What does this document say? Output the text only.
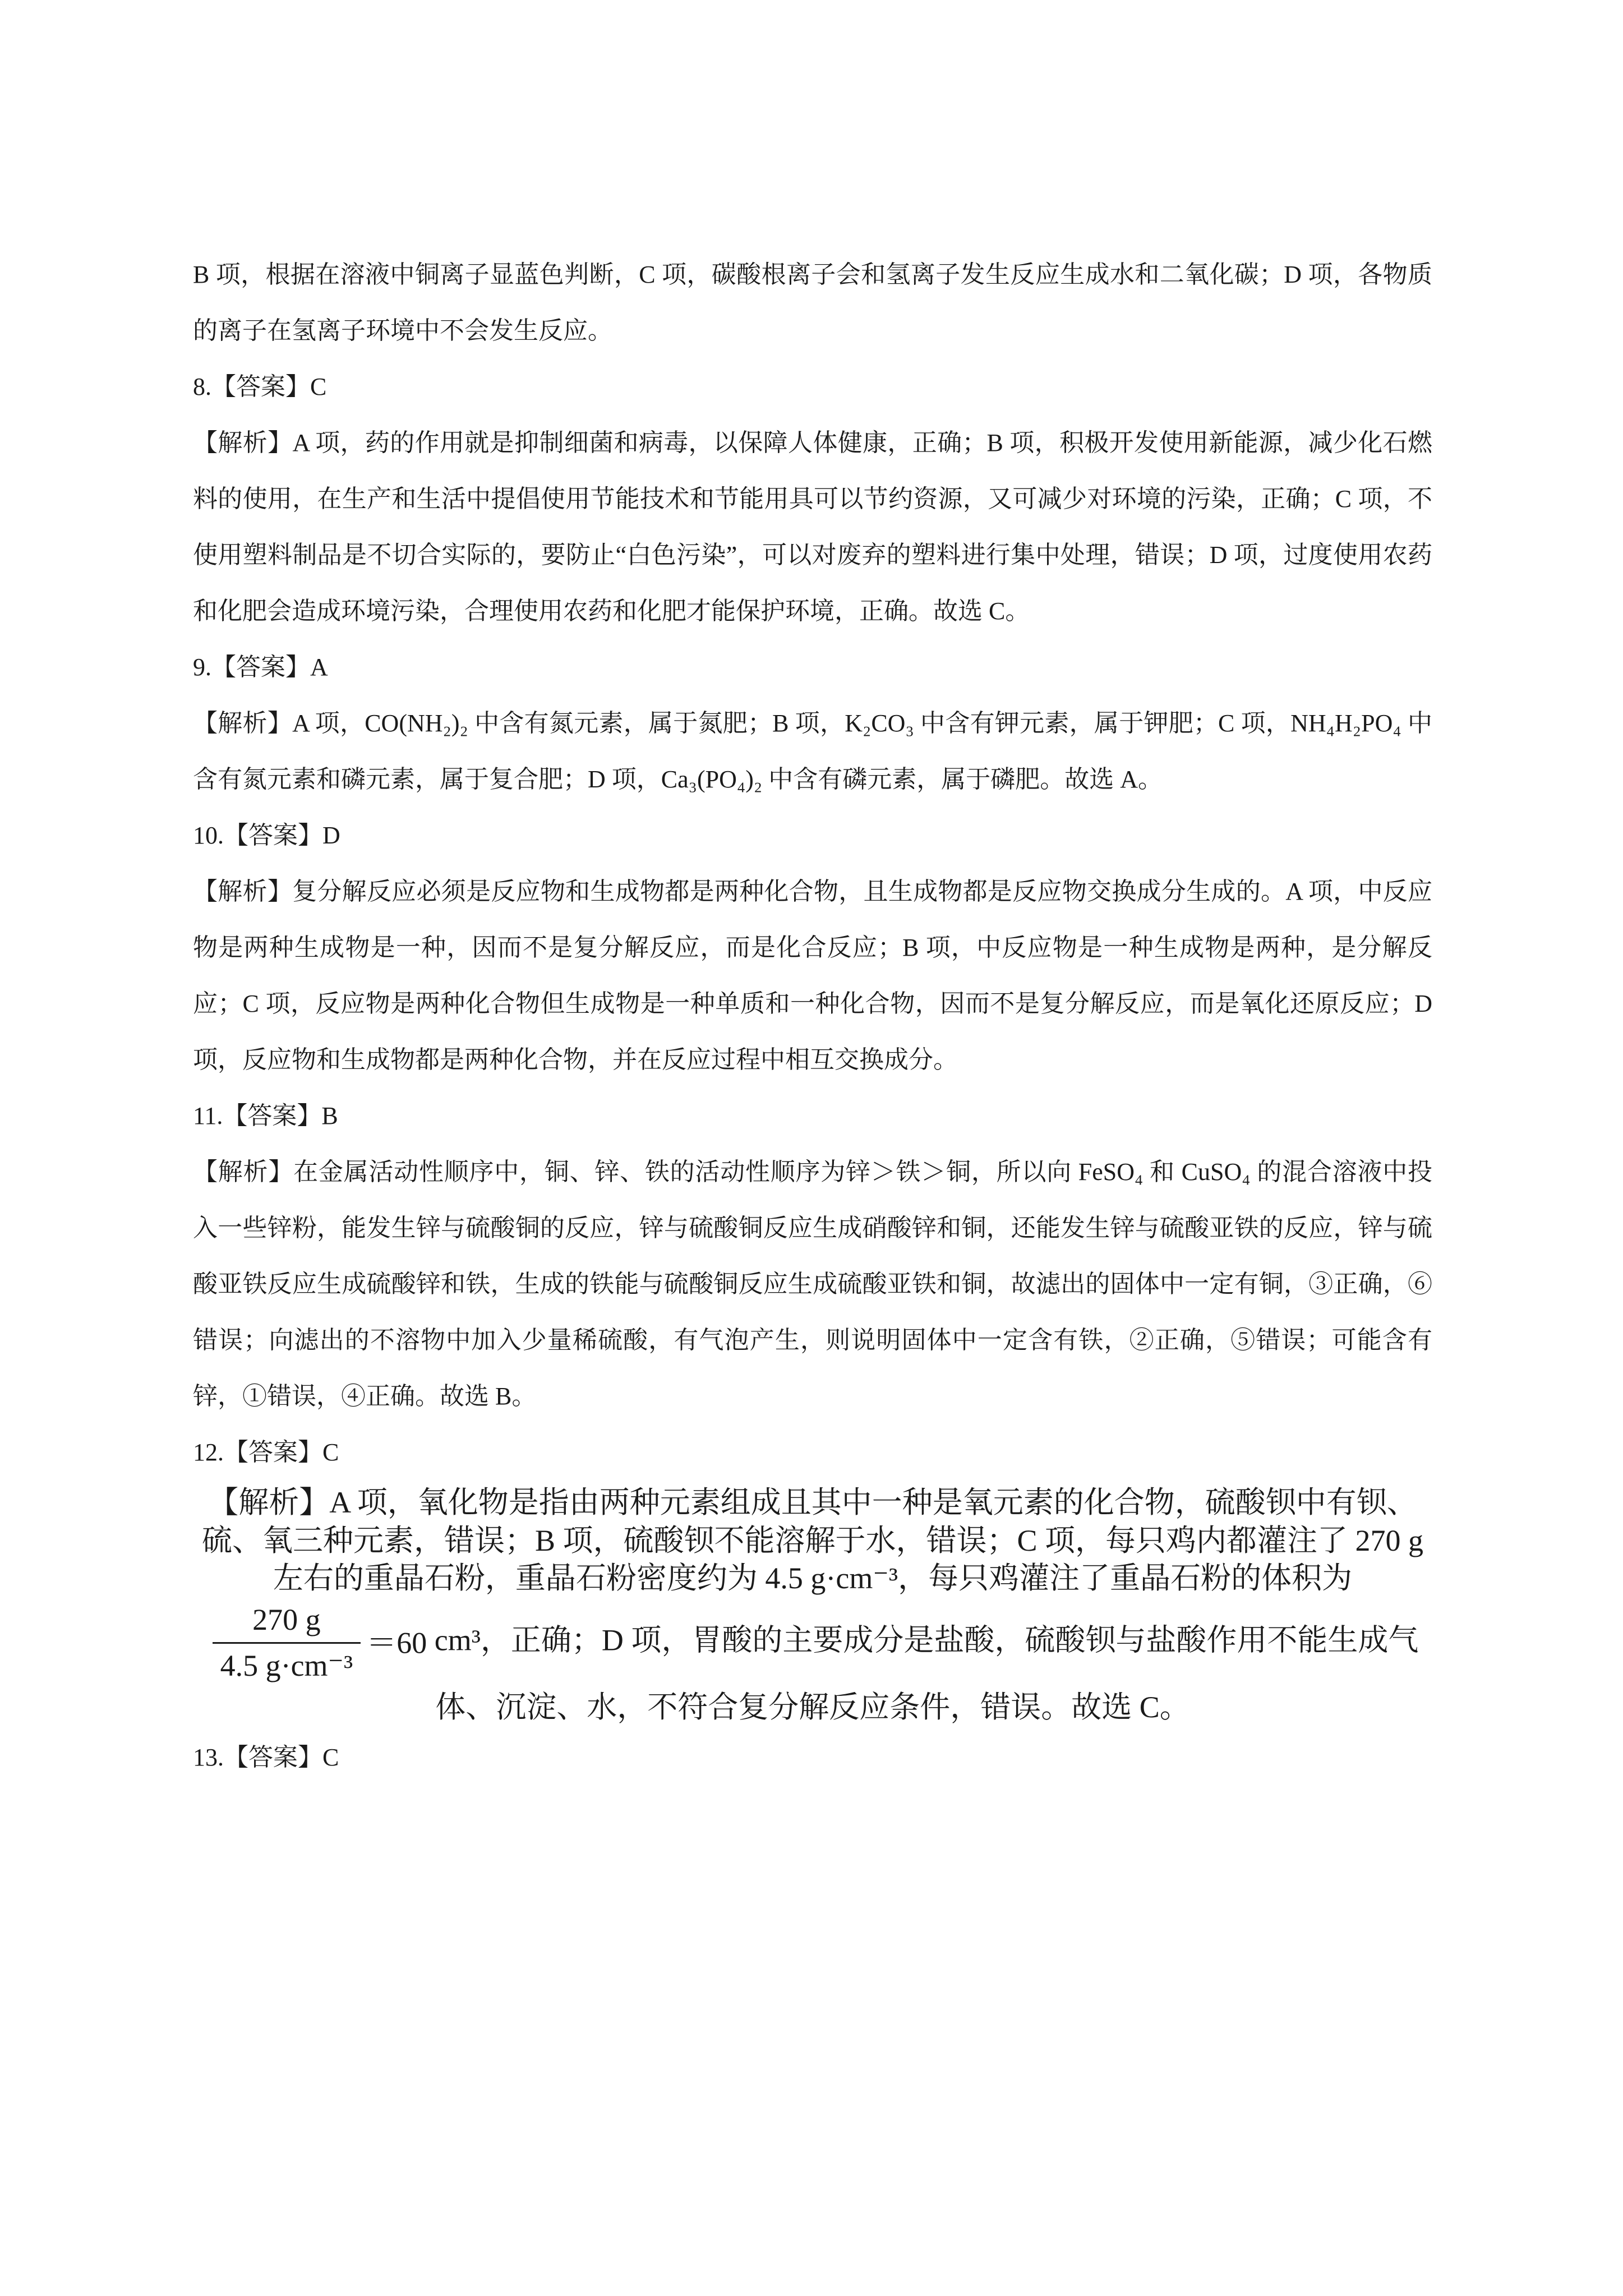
B 项，根据在溶液中铜离子显蓝色判断，C 项，碳酸根离子会和氢离子发生反应生成水和二氧化碳；D 项，各物质的离子在氢离子环境中不会发生反应。
8.【答案】C
【解析】A 项，药的作用就是抑制细菌和病毒，以保障人体健康，正确；B 项，积极开发使用新能源，减少化石燃料的使用，在生产和生活中提倡使用节能技术和节能用具可以节约资源，又可减少对环境的污染，正确；C 项，不使用塑料制品是不切合实际的，要防止“白色污染”，可以对废弃的塑料进行集中处理，错误；D 项，过度使用农药和化肥会造成环境污染，合理使用农药和化肥才能保护环境，正确。故选 C。
9.【答案】A
【解析】A 项，CO(NH₂)₂ 中含有氮元素，属于氮肥；B 项，K₂CO₃ 中含有钾元素，属于钾肥；C 项，NH₄H₂PO₄ 中含有氮元素和磷元素，属于复合肥；D 项，Ca₃(PO₄)₂ 中含有磷元素，属于磷肥。故选 A。
10.【答案】D
【解析】复分解反应必须是反应物和生成物都是两种化合物，且生成物都是反应物交换成分生成的。A 项，中反应物是两种生成物是一种，因而不是复分解反应，而是化合反应；B 项，中反应物是一种生成物是两种，是分解反应；C 项，反应物是两种化合物但生成物是一种单质和一种化合物，因而不是复分解反应，而是氧化还原反应；D 项，反应物和生成物都是两种化合物，并在反应过程中相互交换成分。
11.【答案】B
【解析】在金属活动性顺序中，铜、锌、铁的活动性顺序为锌＞铁＞铜，所以向 FeSO₄ 和 CuSO₄ 的混合溶液中投入一些锌粉，能发生锌与硫酸铜的反应，锌与硫酸铜反应生成硝酸锌和铜，还能发生锌与硫酸亚铁的反应，锌与硫酸亚铁反应生成硫酸锌和铁，生成的铁能与硫酸铜反应生成硫酸亚铁和铜，故滤出的固体中一定有铜，③正确，⑥错误；向滤出的不溶物中加入少量稀硫酸，有气泡产生，则说明固体中一定含有铁，②正确，⑤错误；可能含有锌，①错误，④正确。故选 B。
12.【答案】C
【解析】A 项，氧化物是指由两种元素组成且其中一种是氧元素的化合物，硫酸钡中有钡、硫、氧三种元素，错误；B 项，硫酸钡不能溶解于水，错误；C 项，每只鸡内都灌注了 270 g 左右的重晶石粉，重晶石粉密度约为 4.5 g·cm⁻³，每只鸡灌注了重晶石粉的体积为
$\frac{270 g}{\text{4.5 g·cm⁻³}} =60$ cm³，正确；D 项，胃酸的主要成分是盐酸，硫酸钡与盐酸作用不能生成气体、沉淀、水，不符合复分解反应条件，错误。故选 C。
13.【答案】C
